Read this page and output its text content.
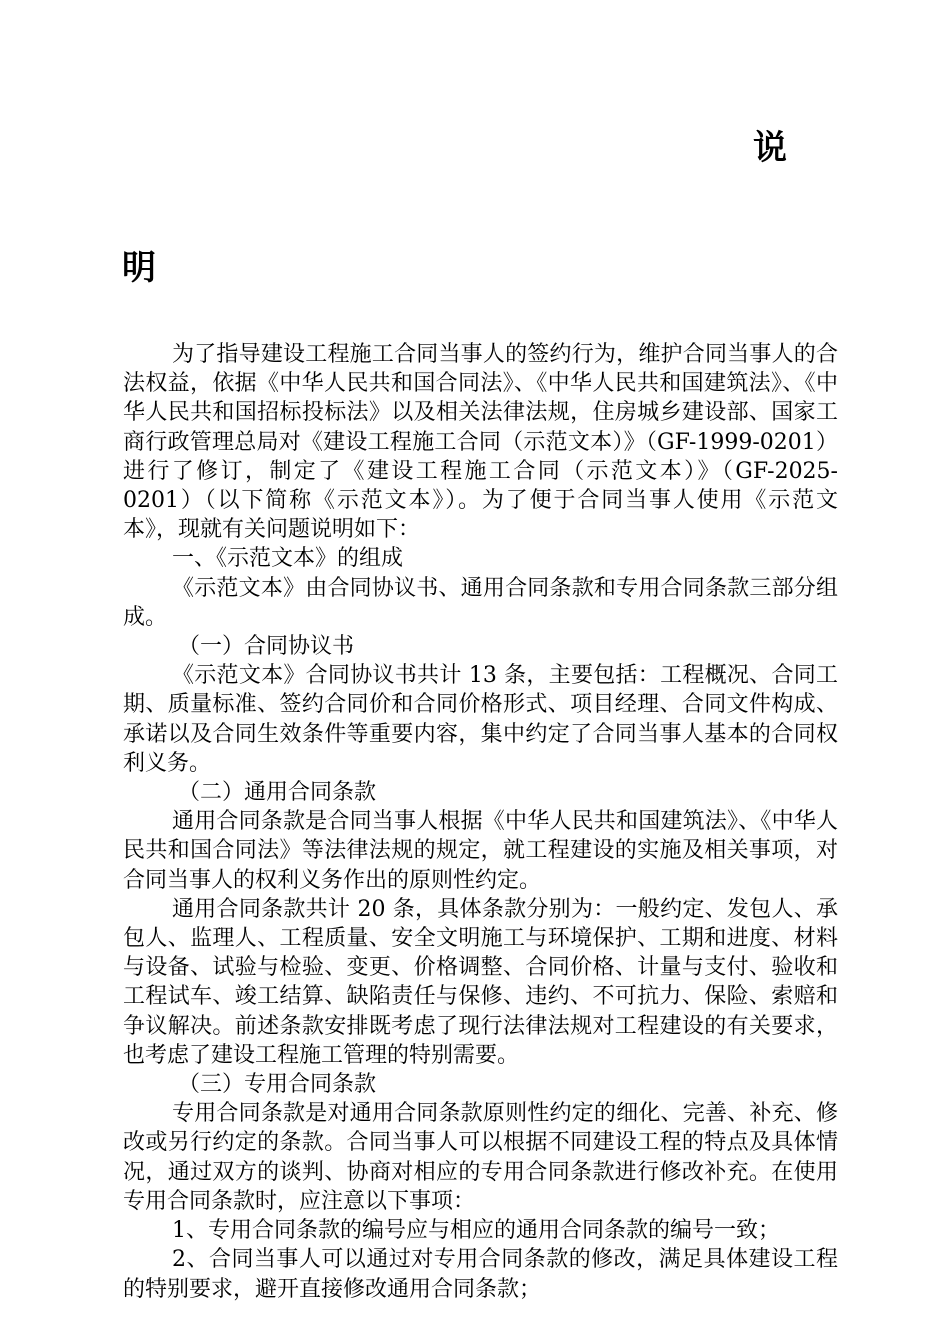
说
明

为了指导建设工程施工合同当事人的签约行为，维护合同当事人的合法权益，依据《中华人民共和国合同法》、《中华人民共和国建筑法》、《中华人民共和国招标投标法》以及相关法律法规，住房城乡建设部、国家工商行政管理总局对《建设工程施工合同（示范文本）》（GF-1999-0201）进行了修订，制定了《建设工程施工合同（示范文本）》（GF-2025-0201）（以下简称《示范文本》）。为了便于合同当事人使用《示范文本》，现就有关问题说明如下：

一、《示范文本》的组成

《示范文本》由合同协议书、通用合同条款和专用合同条款三部分组成。

（一）合同协议书

《示范文本》合同协议书共计 13 条，主要包括：工程概况、合同工期、质量标准、签约合同价和合同价格形式、项目经理、合同文件构成、承诺以及合同生效条件等重要内容，集中约定了合同当事人基本的合同权利义务。

（二）通用合同条款

通用合同条款是合同当事人根据《中华人民共和国建筑法》、《中华人民共和国合同法》等法律法规的规定，就工程建设的实施及相关事项，对合同当事人的权利义务作出的原则性约定。

通用合同条款共计 20 条，具体条款分别为：一般约定、发包人、承包人、监理人、工程质量、安全文明施工与环境保护、工期和进度、材料与设备、试验与检验、变更、价格调整、合同价格、计量与支付、验收和工程试车、竣工结算、缺陷责任与保修、违约、不可抗力、保险、索赔和争议解决。前述条款安排既考虑了现行法律法规对工程建设的有关要求，也考虑了建设工程施工管理的特别需要。

（三）专用合同条款

专用合同条款是对通用合同条款原则性约定的细化、完善、补充、修改或另行约定的条款。合同当事人可以根据不同建设工程的特点及具体情况，通过双方的谈判、协商对相应的专用合同条款进行修改补充。在使用专用合同条款时，应注意以下事项：

1、专用合同条款的编号应与相应的通用合同条款的编号一致；

2、合同当事人可以通过对专用合同条款的修改，满足具体建设工程的特别要求，避开直接修改通用合同条款；
